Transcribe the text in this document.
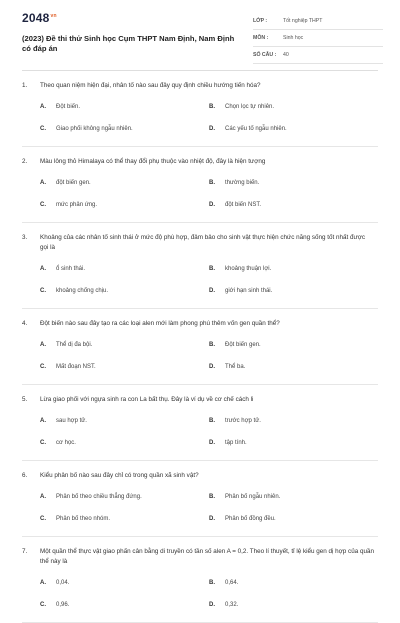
$2048^{vn}$
(2023) Đề thi thử Sinh học Cụm THPT Nam Định, Nam Định có đáp án
LỚP :	Tốt nghiệp THPT
MÔN :	Sinh học
SỐ CÂU :	40
1.	Theo quan niệm hiện đại, nhân tố nào sau đây quy định chiều hướng tiến hóa?
A.	Đột biến.	B.	Chọn lọc tự nhiên.
C.	Giao phối không ngẫu nhiên.	D.	Các yếu tố ngẫu nhiên.
2.	Màu lông thỏ Himalaya có thể thay đổi phụ thuộc vào nhiệt độ, đây là hiện tượng
A.	đột biến gen.	B.	thường biến.
C.	mức phản ứng.	D.	đột biến NST.
3.	Khoảng của các nhân tố sinh thái ở mức độ phù hợp, đảm bảo cho sinh vật thực hiện chức năng sống tốt nhất được gọi là
A.	ổ sinh thái.	B.	khoảng thuận lợi.
C.	khoảng chống chịu.	D.	giới hạn sinh thái.
4.	Đột biến nào sau đây tạo ra các loại alen mới làm phong phú thêm vốn gen quần thể?
A.	Thể dị đa bội.	B.	Đột biến gen.
C.	Mất đoạn NST.	D.	Thể ba.
5.	Lừa giao phối với ngựa sinh ra con La bất thụ. Đây là ví dụ về cơ chế cách li
A.	sau hợp tử.	B.	trước hợp tử.
C.	cơ học.	D.	tập tính.
6.	Kiểu phân bố nào sau đây chỉ có trong quần xã sinh vật?
A.	Phân bố theo chiều thẳng đứng.	B.	Phân bố ngẫu nhiên.
C.	Phân bố theo nhóm.	D.	Phân bố đồng đều.
7.	Một quần thể thực vật giao phấn cân bằng di truyền có tần số alen A = 0,2. Theo lí thuyết, tỉ lệ kiểu gen dị hợp của quần thể này là
A.	0,04.	B.	0,64.
C.	0,96.	D.	0,32.
